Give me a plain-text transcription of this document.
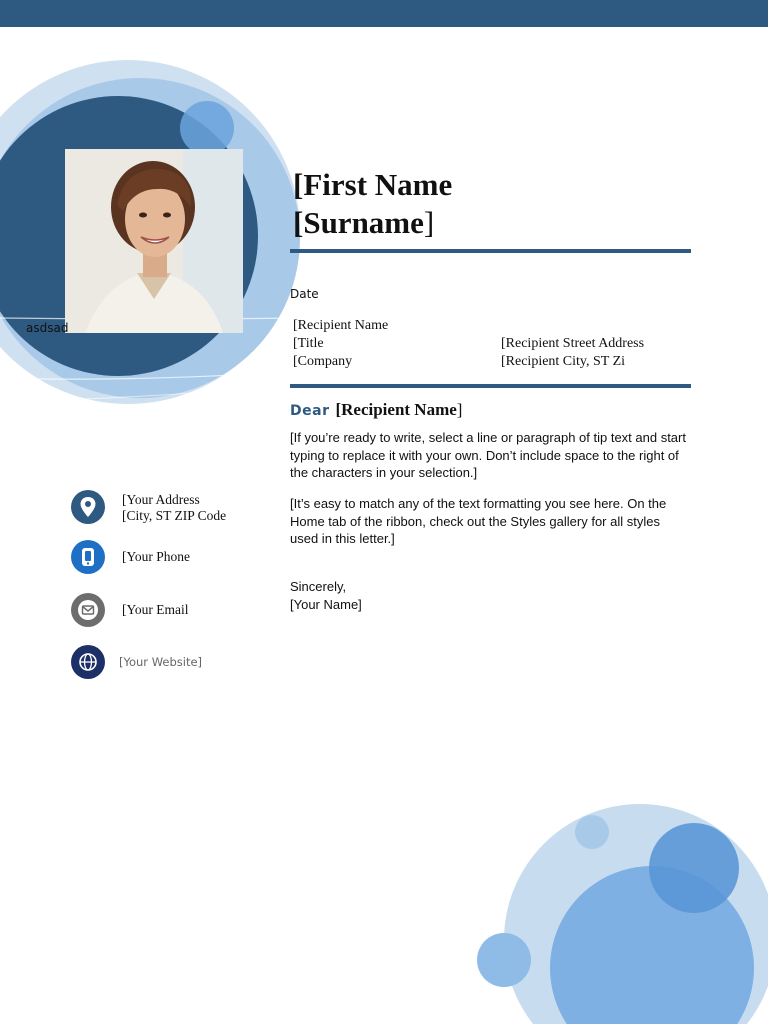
asdsad
[First Name
[Surname]
Date
[Recipient Name
[Title
[Company
[Recipient Street Address
[Recipient City, ST Zi
Dear [Recipient Name]
[If you’re ready to write, select a line or paragraph of tip text and start typing to replace it with your own. Don’t include space to the right of the characters in your selection.]
[It’s easy to match any of the text formatting you see here. On the Home tab of the ribbon, check out the Styles gallery for all styles used in this letter.]
Sincerely,
[Your Name]
[Your Address
[City, ST ZIP Code
[Your Phone
[Your Email
[Your Website]
